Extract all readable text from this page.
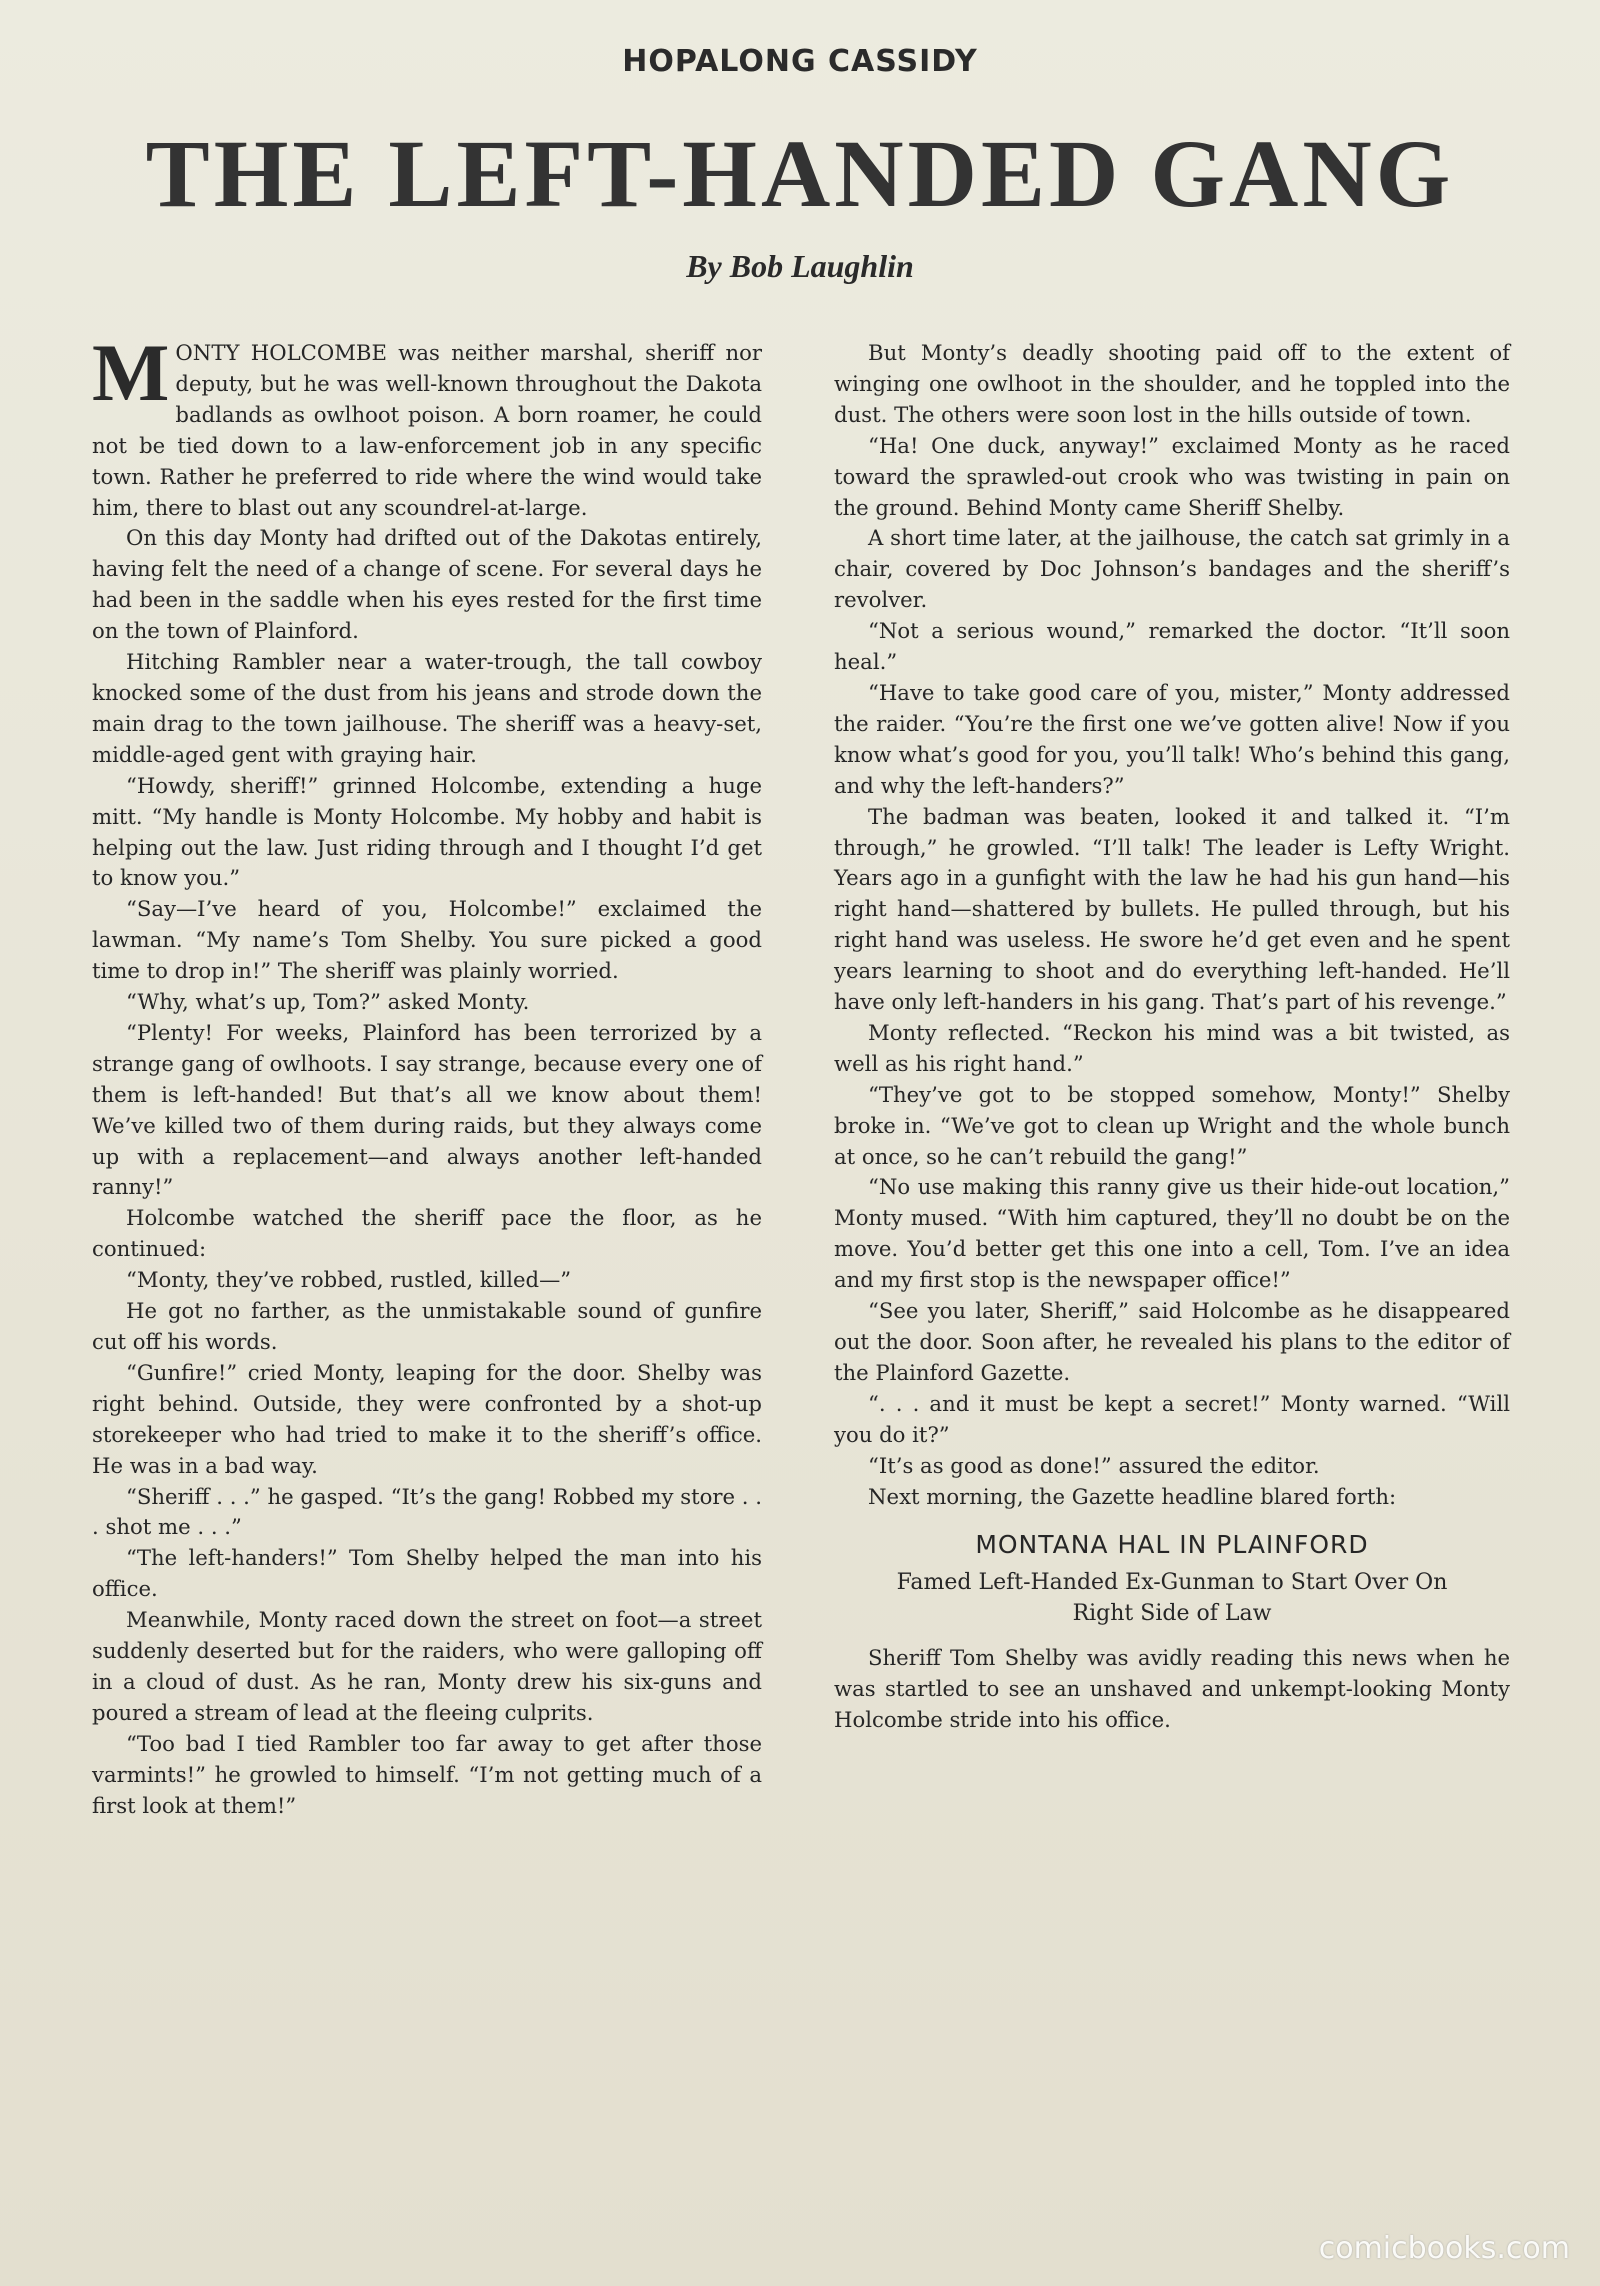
HOPALONG CASSIDY
THE LEFT-HANDED GANG
By Bob Laughlin

MONTY HOLCOMBE was neither marshal, sheriff nor deputy, but he was well-known throughout the Dakota badlands as owlhoot poison. A born roamer, he could not be tied down to a law-enforcement job in any specific town. Rather he preferred to ride where the wind would take him, there to blast out any scoundrel-at-large.

On this day Monty had drifted out of the Dakotas entirely, having felt the need of a change of scene. For several days he had been in the saddle when his eyes rested for the first time on the town of Plainford.

Hitching Rambler near a water-trough, the tall cowboy knocked some of the dust from his jeans and strode down the main drag to the town jailhouse. The sheriff was a heavy-set, middle-aged gent with graying hair.

“Howdy, sheriff!” grinned Holcombe, extending a huge mitt. “My handle is Monty Holcombe. My hobby and habit is helping out the law. Just riding through and I thought I’d get to know you.”

“Say—I’ve heard of you, Holcombe!” exclaimed the lawman. “My name’s Tom Shelby. You sure picked a good time to drop in!” The sheriff was plainly worried.

“Why, what’s up, Tom?” asked Monty.

“Plenty! For weeks, Plainford has been terrorized by a strange gang of owlhoots. I say strange, because every one of them is left-handed! But that’s all we know about them! We’ve killed two of them during raids, but they always come up with a replacement—and always another left-handed ranny!”

Holcombe watched the sheriff pace the floor, as he continued:

“Monty, they’ve robbed, rustled, killed—”

He got no farther, as the unmistakable sound of gunfire cut off his words.

“Gunfire!” cried Monty, leaping for the door. Shelby was right behind. Outside, they were confronted by a shot-up storekeeper who had tried to make it to the sheriff’s office. He was in a bad way.

“Sheriff . . .” he gasped. “It’s the gang! Robbed my store . . . shot me . . .”

“The left-handers!” Tom Shelby helped the man into his office.

Meanwhile, Monty raced down the street on foot—a street suddenly deserted but for the raiders, who were galloping off in a cloud of dust. As he ran, Monty drew his six-guns and poured a stream of lead at the fleeing culprits.

“Too bad I tied Rambler too far away to get after those varmints!” he growled to himself. “I’m not getting much of a first look at them!”

But Monty’s deadly shooting paid off to the extent of winging one owlhoot in the shoulder, and he toppled into the dust. The others were soon lost in the hills outside of town.

“Ha! One duck, anyway!” exclaimed Monty as he raced toward the sprawled-out crook who was twisting in pain on the ground. Behind Monty came Sheriff Shelby.

A short time later, at the jailhouse, the catch sat grimly in a chair, covered by Doc Johnson’s bandages and the sheriff’s revolver.

“Not a serious wound,” remarked the doctor. “It’ll soon heal.”

“Have to take good care of you, mister,” Monty addressed the raider. “You’re the first one we’ve gotten alive! Now if you know what’s good for you, you’ll talk! Who’s behind this gang, and why the left-handers?”

The badman was beaten, looked it and talked it. “I’m through,” he growled. “I’ll talk! The leader is Lefty Wright. Years ago in a gunfight with the law he had his gun hand—his right hand—shattered by bullets. He pulled through, but his right hand was useless. He swore he’d get even and he spent years learning to shoot and do everything left-handed. He’ll have only left-handers in his gang. That’s part of his revenge.”

Monty reflected. “Reckon his mind was a bit twisted, as well as his right hand.”

“They’ve got to be stopped somehow, Monty!” Shelby broke in. “We’ve got to clean up Wright and the whole bunch at once, so he can’t rebuild the gang!”

“No use making this ranny give us their hide-out location,” Monty mused. “With him captured, they’ll no doubt be on the move. You’d better get this one into a cell, Tom. I’ve an idea and my first stop is the newspaper office!”

“See you later, Sheriff,” said Holcombe as he disappeared out the door. Soon after, he revealed his plans to the editor of the Plainford Gazette.

“. . . and it must be kept a secret!” Monty warned. “Will you do it?”

“It’s as good as done!” assured the editor.

Next morning, the Gazette headline blared forth:

MONTANA HAL IN PLAINFORD

Famed Left-Handed Ex-Gunman to Start Over On Right Side of Law

Sheriff Tom Shelby was avidly reading this news when he was startled to see an unshaved and unkempt-looking Monty Holcombe stride into his office.

comicbooks.com
